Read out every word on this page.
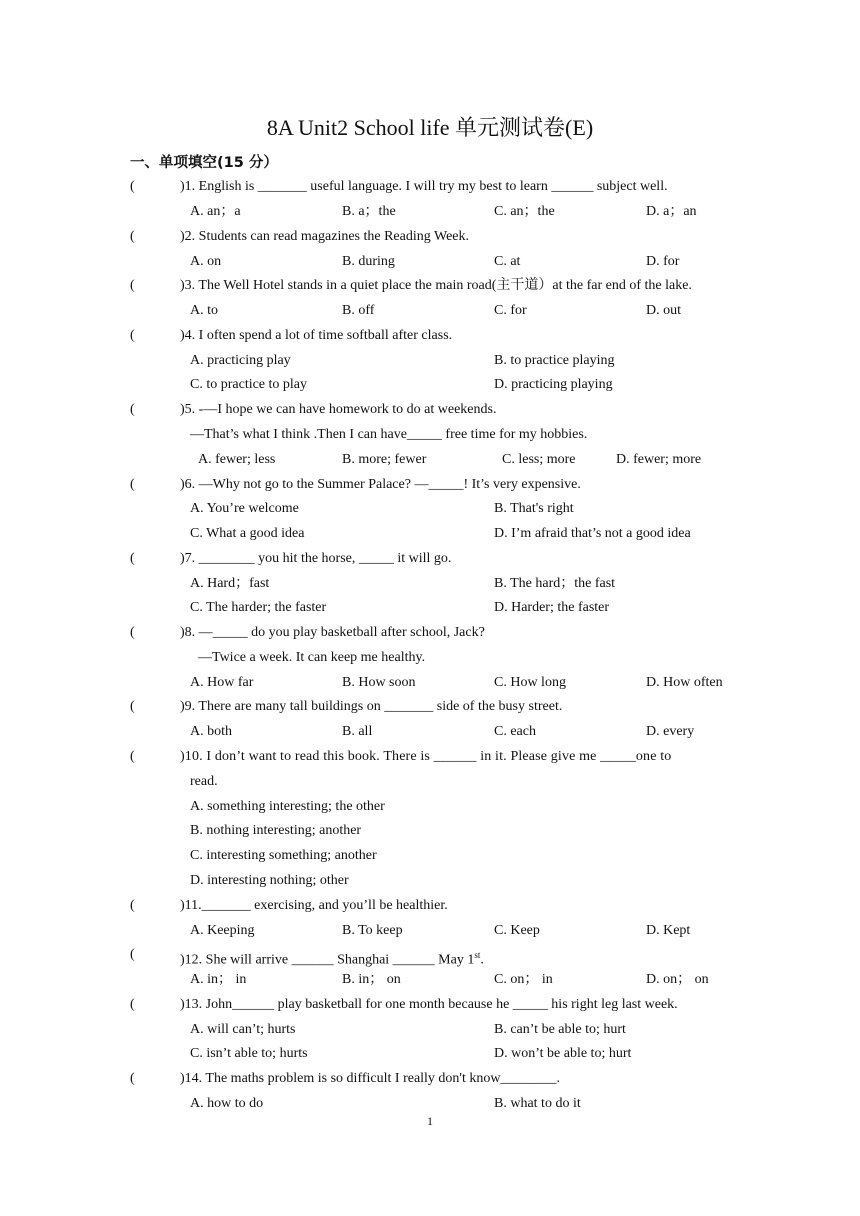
8A Unit2 School life 单元测试卷(E)
一、单项填空(15 分）
(	)1. English is _______ useful language. I will try my best to learn ______ subject well.
A. an；a	B. a；the	C. an；the	D. a；an
(	)2. Students can read magazines the Reading Week.
A. on	B. during	C. at	D. for
(	)3. The Well Hotel stands in a quiet place the main road(主干道）at the far end of the lake.
A. to	B. off	C. for	D. out
(	)4. I often spend a lot of time softball after class.
A. practicing play	B. to practice playing
C. to practice to play	D. practicing playing
(	)5. -—I hope we can have homework to do at weekends.
—That’s what I think .Then I can have_____ free time for my hobbies.
A. fewer; less	B. more; fewer	C. less; more	D. fewer; more
(	)6. —Why not go to the Summer Palace? —_____! It’s very expensive.
A. You’re welcome	B. That's right
C. What a good idea	D. I’m afraid that’s not a good idea
(	)7. ________ you hit the horse, _____ it will go.
A. Hard；fast	B. The hard；the fast
C. The harder; the faster	D. Harder; the faster
(	)8. —_____ do you play basketball after school, Jack?
—Twice a week. It can keep me healthy.
A. How far	B. How soon	C. How long	D. How often
(	)9. There are many tall buildings on _______ side of the busy street.
A. both	B. all	C. each	D. every
(	)10. I don’t want to read this book. There is ______ in it. Please give me _____one to
read.
A. something interesting; the other
B. nothing interesting; another
C. interesting something; another
D. interesting nothing; other
(	)11._______ exercising, and you’ll be healthier.
A. Keeping	B. To keep	C. Keep	D. Kept
(	)12. She will arrive ______ Shanghai ______ May 1st.
A. in； in	B. in； on	C. on； in	D. on； on
(	)13. John______ play basketball for one month because he _____ his right leg last week.
A. will can’t; hurts	B. can’t be able to; hurt
C. isn’t able to; hurts	D. won’t be able to; hurt
(	)14. The maths problem is so difficult I really don't know________.
A. how to do	B. what to do it
1
